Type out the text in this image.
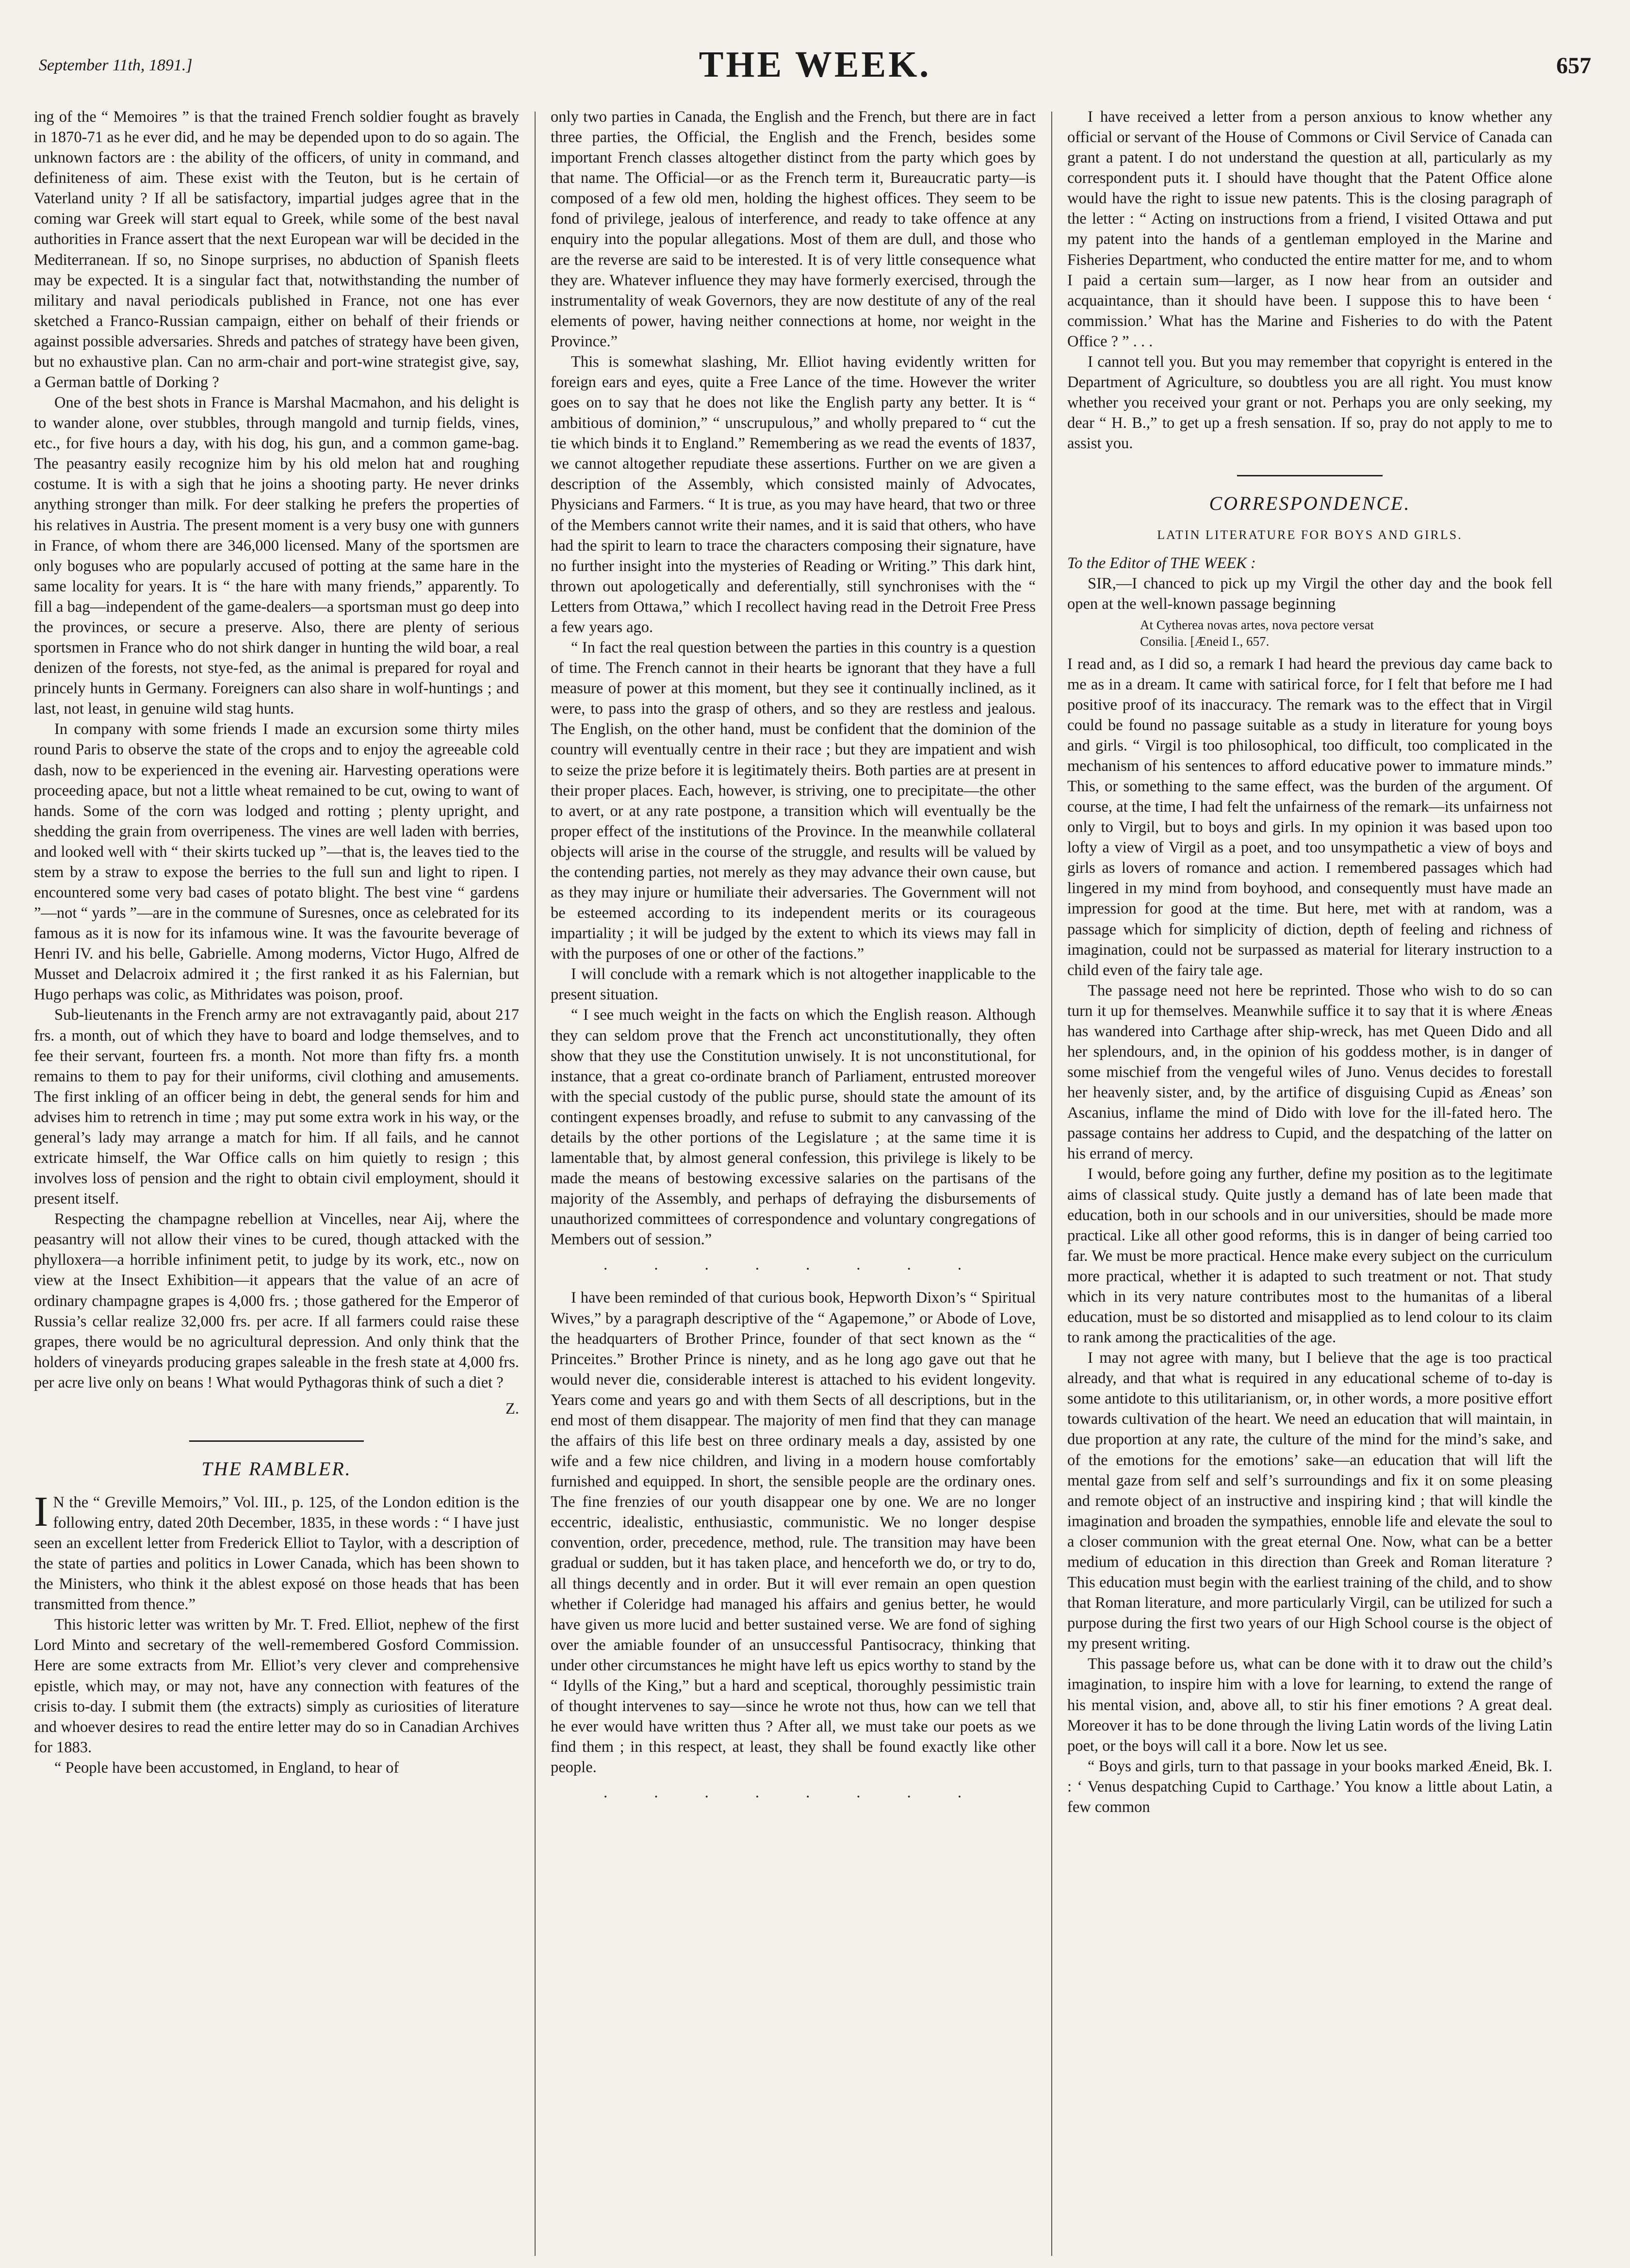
September 11th, 1891.]	THE WEEK.	657

ing of the “ Memoires ” is that the trained French soldier fought as bravely in 1870-71 as he ever did, and he may be depended upon to do so again. The unknown factors are : the ability of the officers, of unity in command, and definiteness of aim. These exist with the Teuton, but is he certain of Vaterland unity ? If all be satisfactory, impartial judges agree that in the coming war Greek will start equal to Greek, while some of the best naval authorities in France assert that the next European war will be decided in the Mediterranean. If so, no Sinope surprises, no abduction of Spanish fleets may be expected. It is a singular fact that, notwithstanding the number of military and naval periodicals published in France, not one has ever sketched a Franco-Russian campaign, either on behalf of their friends or against possible adversaries. Shreds and patches of strategy have been given, but no exhaustive plan. Can no arm-chair and port-wine strategist give, say, a German battle of Dorking ?

One of the best shots in France is Marshal Macmahon, and his delight is to wander alone, over stubbles, through mangold and turnip fields, vines, etc., for five hours a day, with his dog, his gun, and a common game-bag. The peasantry easily recognize him by his old melon hat and roughing costume. It is with a sigh that he joins a shooting party. He never drinks anything stronger than milk. For deer stalking he prefers the properties of his relatives in Austria. The present moment is a very busy one with gunners in France, of whom there are 346,000 licensed. Many of the sportsmen are only boguses who are popularly accused of potting at the same hare in the same locality for years. It is “ the hare with many friends,” apparently. To fill a bag—independent of the game-dealers—a sportsman must go deep into the provinces, or secure a preserve. Also, there are plenty of serious sportsmen in France who do not shirk danger in hunting the wild boar, a real denizen of the forests, not stye-fed, as the animal is prepared for royal and princely hunts in Germany. Foreigners can also share in wolf-huntings ; and last, not least, in genuine wild stag hunts.

In company with some friends I made an excursion some thirty miles round Paris to observe the state of the crops and to enjoy the agreeable cold dash, now to be experienced in the evening air. Harvesting operations were proceeding apace, but not a little wheat remained to be cut, owing to want of hands. Some of the corn was lodged and rotting ; plenty upright, and shedding the grain from overripeness. The vines are well laden with berries, and looked well with “ their skirts tucked up ”—that is, the leaves tied to the stem by a straw to expose the berries to the full sun and light to ripen. I encountered some very bad cases of potato blight. The best vine “ gardens ”—not “ yards ”—are in the commune of Suresnes, once as celebrated for its famous as it is now for its infamous wine. It was the favourite beverage of Henri IV. and his belle, Gabrielle. Among moderns, Victor Hugo, Alfred de Musset and Delacroix admired it ; the first ranked it as his Falernian, but Hugo perhaps was colic, as Mithridates was poison, proof.

Sub-lieutenants in the French army are not extravagantly paid, about 217 frs. a month, out of which they have to board and lodge themselves, and to fee their servant, fourteen frs. a month. Not more than fifty frs. a month remains to them to pay for their uniforms, civil clothing and amusements. The first inkling of an officer being in debt, the general sends for him and advises him to retrench in time ; may put some extra work in his way, or the general’s lady may arrange a match for him. If all fails, and he cannot extricate himself, the War Office calls on him quietly to resign ; this involves loss of pension and the right to obtain civil employment, should it present itself.

Respecting the champagne rebellion at Vincelles, near Aij, where the peasantry will not allow their vines to be cured, though attacked with the phylloxera—a horrible infiniment petit, to judge by its work, etc., now on view at the Insect Exhibition—it appears that the value of an acre of ordinary champagne grapes is 4,000 frs. ; those gathered for the Emperor of Russia’s cellar realize 32,000 frs. per acre. If all farmers could raise these grapes, there would be no agricultural depression. And only think that the holders of vineyards producing grapes saleable in the fresh state at 4,000 frs. per acre live only on beans ! What would Pythagoras think of such a diet ?

Z.
THE RAMBLER.

I N the “ Greville Memoirs,” Vol. III., p. 125, of the London edition is the following entry, dated 20th December, 1835, in these words : “ I have just seen an excellent letter from Frederick Elliot to Taylor, with a description of the state of parties and politics in Lower Canada, which has been shown to the Ministers, who think it the ablest exposé on those heads that has been transmitted from thence.”

This historic letter was written by Mr. T. Fred. Elliot, nephew of the first Lord Minto and secretary of the well-remembered Gosford Commission. Here are some extracts from Mr. Elliot’s very clever and comprehensive epistle, which may, or may not, have any connection with features of the crisis to-day. I submit them (the extracts) simply as curiosities of literature and whoever desires to read the entire letter may do so in Canadian Archives for 1883.

“ People have been accustomed, in England, to hear of

only two parties in Canada, the English and the French, but there are in fact three parties, the Official, the English and the French, besides some important French classes altogether distinct from the party which goes by that name. The Official—or as the French term it, Bureaucratic party—is composed of a few old men, holding the highest offices. They seem to be fond of privilege, jealous of interference, and ready to take offence at any enquiry into the popular allegations. Most of them are dull, and those who are the reverse are said to be interested. It is of very little consequence what they are. Whatever influence they may have formerly exercised, through the instrumentality of weak Governors, they are now destitute of any of the real elements of power, having neither connections at home, nor weight in the Province.”

This is somewhat slashing, Mr. Elliot having evidently written for foreign ears and eyes, quite a Free Lance of the time. However the writer goes on to say that he does not like the English party any better. It is “ ambitious of dominion,” “ unscrupulous,” and wholly prepared to “ cut the tie which binds it to England.” Remembering as we read the events of 1837, we cannot altogether repudiate these assertions. Further on we are given a description of the Assembly, which consisted mainly of Advocates, Physicians and Farmers. “ It is true, as you may have heard, that two or three of the Members cannot write their names, and it is said that others, who have had the spirit to learn to trace the characters composing their signature, have no further insight into the mysteries of Reading or Writing.” This dark hint, thrown out apologetically and deferentially, still synchronises with the “ Letters from Ottawa,” which I recollect having read in the Detroit Free Press a few years ago.

“ In fact the real question between the parties in this country is a question of time. The French cannot in their hearts be ignorant that they have a full measure of power at this moment, but they see it continually inclined, as it were, to pass into the grasp of others, and so they are restless and jealous. The English, on the other hand, must be confident that the dominion of the country will eventually centre in their race ; but they are impatient and wish to seize the prize before it is legitimately theirs. Both parties are at present in their proper places. Each, however, is striving, one to precipitate—the other to avert, or at any rate postpone, a transition which will eventually be the proper effect of the institutions of the Province. In the meanwhile collateral objects will arise in the course of the struggle, and results will be valued by the contending parties, not merely as they may advance their own cause, but as they may injure or humiliate their adversaries. The Government will not be esteemed according to its independent merits or its courageous impartiality ; it will be judged by the extent to which its views may fall in with the purposes of one or other of the factions.”

I will conclude with a remark which is not altogether inapplicable to the present situation.

“ I see much weight in the facts on which the English reason. Although they can seldom prove that the French act unconstitutionally, they often show that they use the Constitution unwisely. It is not unconstitutional, for instance, that a great co-ordinate branch of Parliament, entrusted moreover with the special custody of the public purse, should state the amount of its contingent expenses broadly, and refuse to submit to any canvassing of the details by the other portions of the Legislature ; at the same time it is lamentable that, by almost general confession, this privilege is likely to be made the means of bestowing excessive salaries on the partisans of the majority of the Assembly, and perhaps of defraying the disbursements of unauthorized committees of correspondence and voluntary congregations of Members out of session.”

. . . . . . . .

I have been reminded of that curious book, Hepworth Dixon’s “ Spiritual Wives,” by a paragraph descriptive of the “ Agapemone,” or Abode of Love, the headquarters of Brother Prince, founder of that sect known as the “ Princeites.” Brother Prince is ninety, and as he long ago gave out that he would never die, considerable interest is attached to his evident longevity. Years come and years go and with them Sects of all descriptions, but in the end most of them disappear. The majority of men find that they can manage the affairs of this life best on three ordinary meals a day, assisted by one wife and a few nice children, and living in a modern house comfortably furnished and equipped. In short, the sensible people are the ordinary ones. The fine frenzies of our youth disappear one by one. We are no longer eccentric, idealistic, enthusiastic, communistic. We no longer despise convention, order, precedence, method, rule. The transition may have been gradual or sudden, but it has taken place, and henceforth we do, or try to do, all things decently and in order. But it will ever remain an open question whether if Coleridge had managed his affairs and genius better, he would have given us more lucid and better sustained verse. We are fond of sighing over the amiable founder of an unsuccessful Pantisocracy, thinking that under other circumstances he might have left us epics worthy to stand by the “ Idylls of the King,” but a hard and sceptical, thoroughly pessimistic train of thought intervenes to say—since he wrote not thus, how can we tell that he ever would have written thus ? After all, we must take our poets as we find them ; in this respect, at least, they shall be found exactly like other people.

. . . . . . . .

I have received a letter from a person anxious to know whether any official or servant of the House of Commons or Civil Service of Canada can grant a patent. I do not understand the question at all, particularly as my correspondent puts it. I should have thought that the Patent Office alone would have the right to issue new patents. This is the closing paragraph of the letter : “ Acting on instructions from a friend, I visited Ottawa and put my patent into the hands of a gentleman employed in the Marine and Fisheries Department, who conducted the entire matter for me, and to whom I paid a certain sum—larger, as I now hear from an outsider and acquaintance, than it should have been. I suppose this to have been ‘ commission.’ What has the Marine and Fisheries to do with the Patent Office ? ” . . .

I cannot tell you. But you may remember that copyright is entered in the Department of Agriculture, so doubtless you are all right. You must know whether you received your grant or not. Perhaps you are only seeking, my dear “ H. B.,” to get up a fresh sensation. If so, pray do not apply to me to assist you.

CORRESPONDENCE.
LATIN LITERATURE FOR BOYS AND GIRLS.

To the Editor of THE WEEK :

SIR,—I chanced to pick up my Virgil the other day and the book fell open at the well-known passage beginning

At Cytherea novas artes, nova pectore versat
Consilia. [Æneid I., 657.

I read and, as I did so, a remark I had heard the previous day came back to me as in a dream. It came with satirical force, for I felt that before me I had positive proof of its inaccuracy. The remark was to the effect that in Virgil could be found no passage suitable as a study in literature for young boys and girls. “ Virgil is too philosophical, too difficult, too complicated in the mechanism of his sentences to afford educative power to immature minds.” This, or something to the same effect, was the burden of the argument. Of course, at the time, I had felt the unfairness of the remark—its unfairness not only to Virgil, but to boys and girls. In my opinion it was based upon too lofty a view of Virgil as a poet, and too unsympathetic a view of boys and girls as lovers of romance and action. I remembered passages which had lingered in my mind from boyhood, and consequently must have made an impression for good at the time. But here, met with at random, was a passage which for simplicity of diction, depth of feeling and richness of imagination, could not be surpassed as material for literary instruction to a child even of the fairy tale age.

The passage need not here be reprinted. Those who wish to do so can turn it up for themselves. Meanwhile suffice it to say that it is where Æneas has wandered into Carthage after ship-wreck, has met Queen Dido and all her splendours, and, in the opinion of his goddess mother, is in danger of some mischief from the vengeful wiles of Juno. Venus decides to forestall her heavenly sister, and, by the artifice of disguising Cupid as Æneas’ son Ascanius, inflame the mind of Dido with love for the ill-fated hero. The passage contains her address to Cupid, and the despatching of the latter on his errand of mercy.

I would, before going any further, define my position as to the legitimate aims of classical study. Quite justly a demand has of late been made that education, both in our schools and in our universities, should be made more practical. Like all other good reforms, this is in danger of being carried too far. We must be more practical. Hence make every subject on the curriculum more practical, whether it is adapted to such treatment or not. That study which in its very nature contributes most to the humanitas of a liberal education, must be so distorted and misapplied as to lend colour to its claim to rank among the practicalities of the age.

I may not agree with many, but I believe that the age is too practical already, and that what is required in any educational scheme of to-day is some antidote to this utilitarianism, or, in other words, a more positive effort towards cultivation of the heart. We need an education that will maintain, in due proportion at any rate, the culture of the mind for the mind’s sake, and of the emotions for the emotions’ sake—an education that will lift the mental gaze from self and self’s surroundings and fix it on some pleasing and remote object of an instructive and inspiring kind ; that will kindle the imagination and broaden the sympathies, ennoble life and elevate the soul to a closer communion with the great eternal One. Now, what can be a better medium of education in this direction than Greek and Roman literature ? This education must begin with the earliest training of the child, and to show that Roman literature, and more particularly Virgil, can be utilized for such a purpose during the first two years of our High School course is the object of my present writing.

This passage before us, what can be done with it to draw out the child’s imagination, to inspire him with a love for learning, to extend the range of his mental vision, and, above all, to stir his finer emotions ? A great deal. Moreover it has to be done through the living Latin words of the living Latin poet, or the boys will call it a bore. Now let us see.

“ Boys and girls, turn to that passage in your books marked Æneid, Bk. I. : ‘ Venus despatching Cupid to Carthage.’ You know a little about Latin, a few common
